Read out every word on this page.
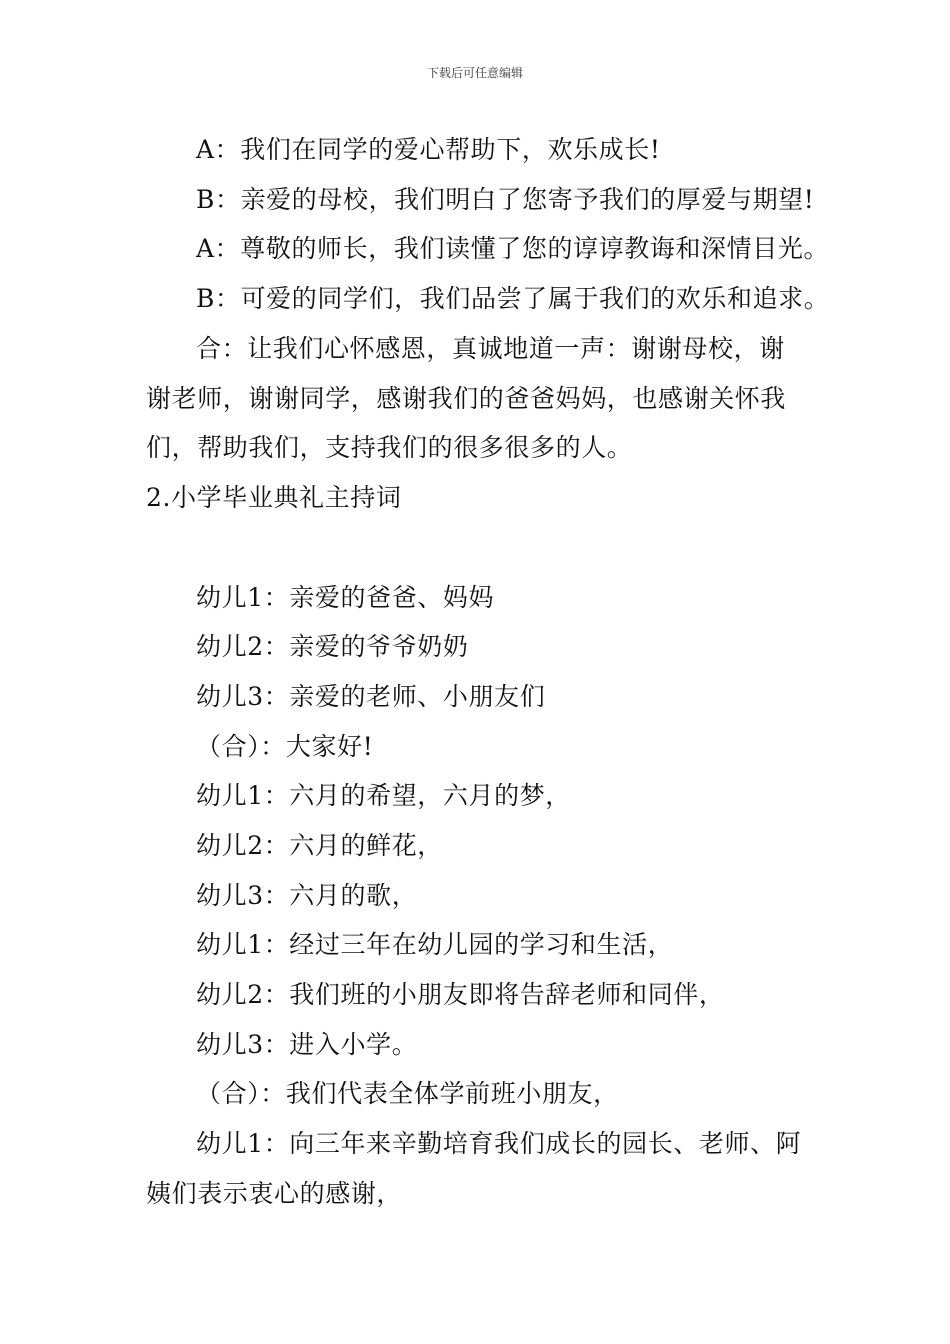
下载后可任意编辑
A：我们在同学的爱心帮助下，欢乐成长!
B：亲爱的母校，我们明白了您寄予我们的厚爱与期望!
A：尊敬的师长，我们读懂了您的谆谆教诲和深情目光。
B：可爱的同学们，我们品尝了属于我们的欢乐和追求。
合：让我们心怀感恩，真诚地道一声：谢谢母校，谢
谢老师，谢谢同学，感谢我们的爸爸妈妈，也感谢关怀我
们，帮助我们，支持我们的很多很多的人。
2.小学毕业典礼主持词
幼儿1：亲爱的爸爸、妈妈
幼儿2：亲爱的爷爷奶奶
幼儿3：亲爱的老师、小朋友们
（合）：大家好!
幼儿1：六月的希望，六月的梦，
幼儿2：六月的鲜花，
幼儿3：六月的歌，
幼儿1：经过三年在幼儿园的学习和生活，
幼儿2：我们班的小朋友即将告辞老师和同伴，
幼儿3：进入小学。
（合）：我们代表全体学前班小朋友，
幼儿1：向三年来辛勤培育我们成长的园长、老师、阿
姨们表示衷心的感谢，
